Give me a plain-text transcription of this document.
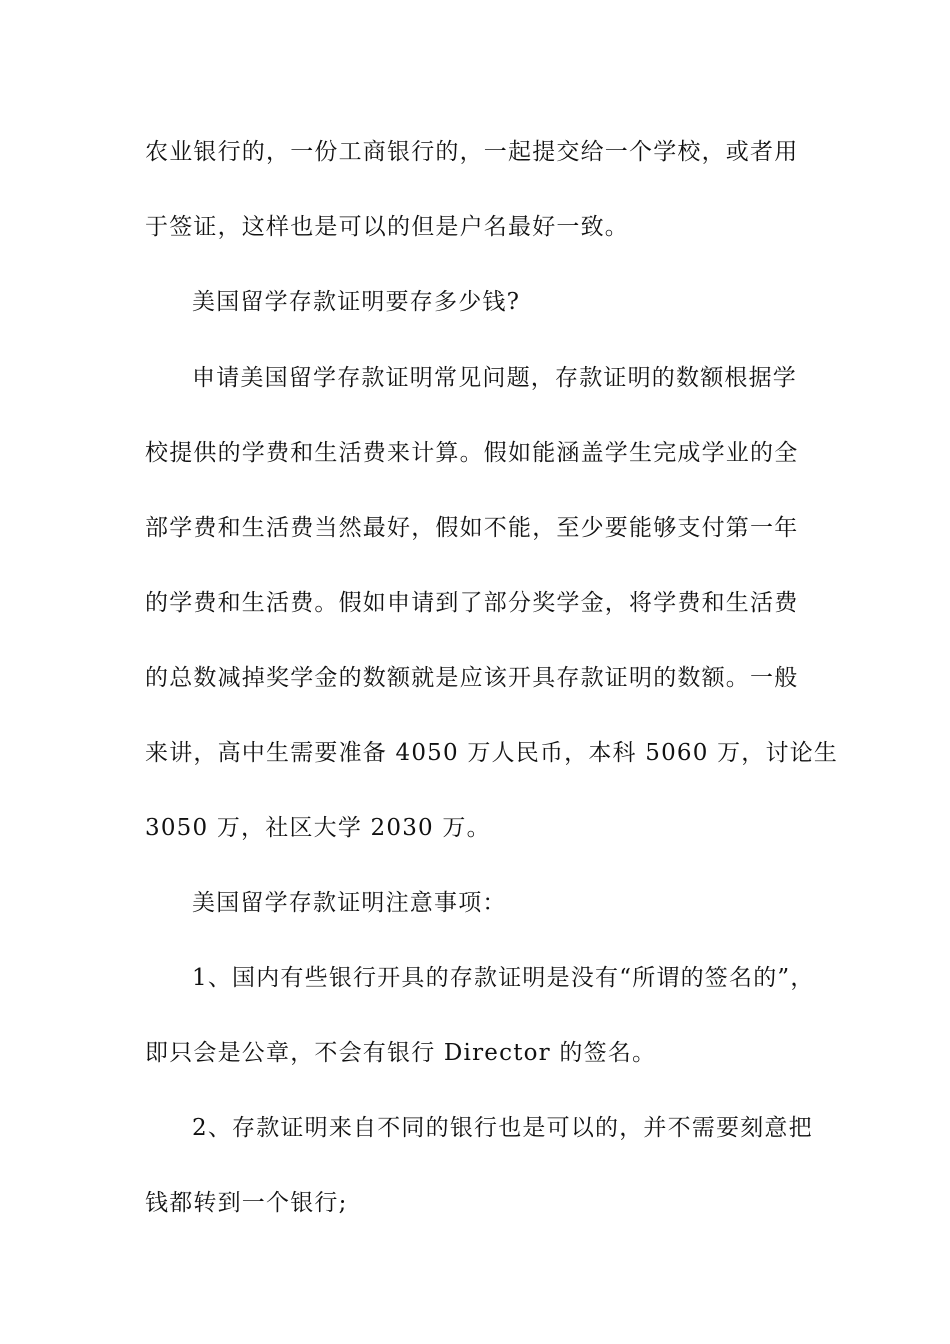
农业银行的，一份工商银行的，一起提交给一个学校，或者用
于签证，这样也是可以的但是户名最好一致。
美国留学存款证明要存多少钱?
申请美国留学存款证明常见问题，存款证明的数额根据学
校提供的学费和生活费来计算。假如能涵盖学生完成学业的全
部学费和生活费当然最好，假如不能，至少要能够支付第一年
的学费和生活费。假如申请到了部分奖学金，将学费和生活费
的总数减掉奖学金的数额就是应该开具存款证明的数额。一般
来讲，高中生需要准备 4050 万人民币，本科 5060 万，讨论生
3050 万，社区大学 2030 万。
美国留学存款证明注意事项：
1、国内有些银行开具的存款证明是没有“所谓的签名的”，
即只会是公章，不会有银行 Director 的签名。
2、存款证明来自不同的银行也是可以的，并不需要刻意把
钱都转到一个银行;
